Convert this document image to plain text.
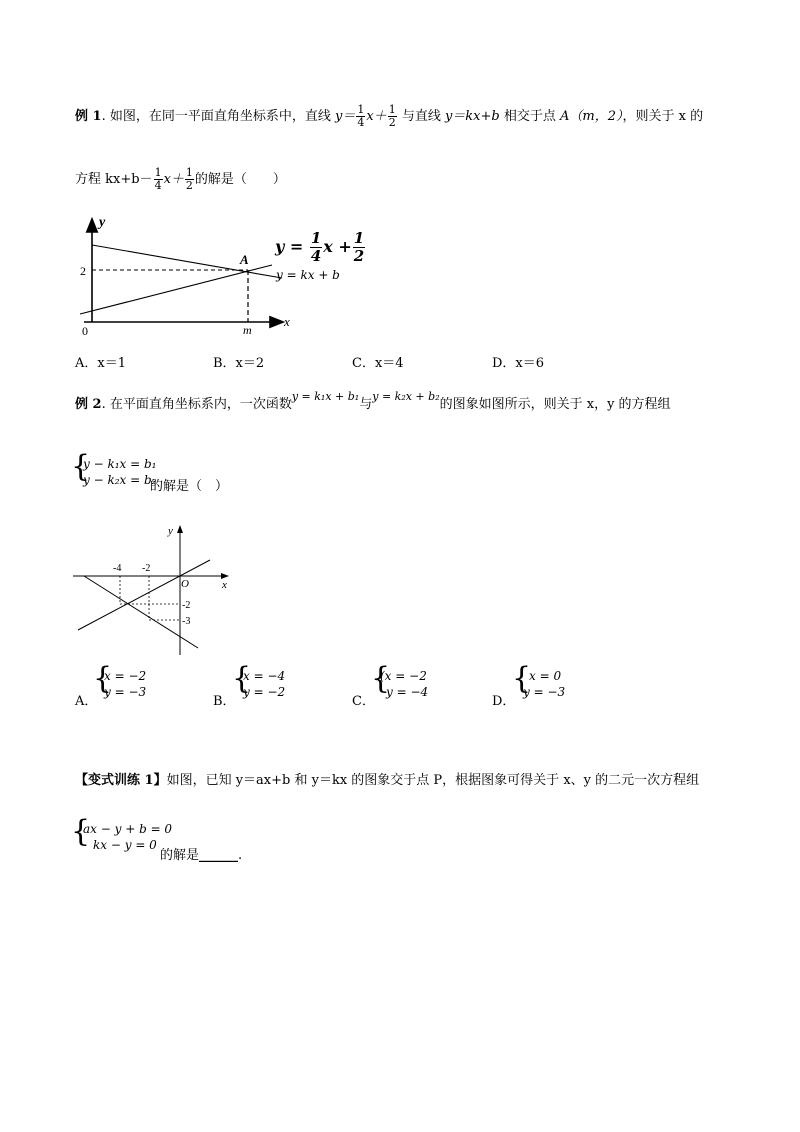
例 1. 如图，在同一平面直角坐标系中，直线 $y= \frac{1}{4} x+ \frac{1}{2}$ 与直线 y＝kx+b 相交于点 A（m，2），则关于 x 的
方程 $kx+b- \frac{1}{4} x+ \frac{1}{2}$ 的解是（　　）
y
x
0
2
m
A
$y = \frac{1}{4}$ $x + \frac{1}{2}$
y = kx + b
A．x＝1	B．x＝2	C．x＝4	D．x＝6
例 2. 在平面直角坐标系内，一次函数$^{y = k_1x + b_1}$与$^{y = k_2x + b_2}$的图象如图所示，则关于 x，y 的方程组
{
y − k₁x = b₁
y − k₂x = b₂
的解是（　）
y
x
O
-4 -2
-2
-3
A．
{
x = −2
y = −3
B．
{
x = −4
y = −2
C．
{
(x = −2
y = −4
D．
{
x = 0
y = −3
【变式训练 1】如图，已知 y＝ax+b 和 y＝kx 的图象交于点 P，根据图象可得关于 x、y 的二元一次方程组
{
ax − y + b = 0
kx − y = 0
的解是______.
